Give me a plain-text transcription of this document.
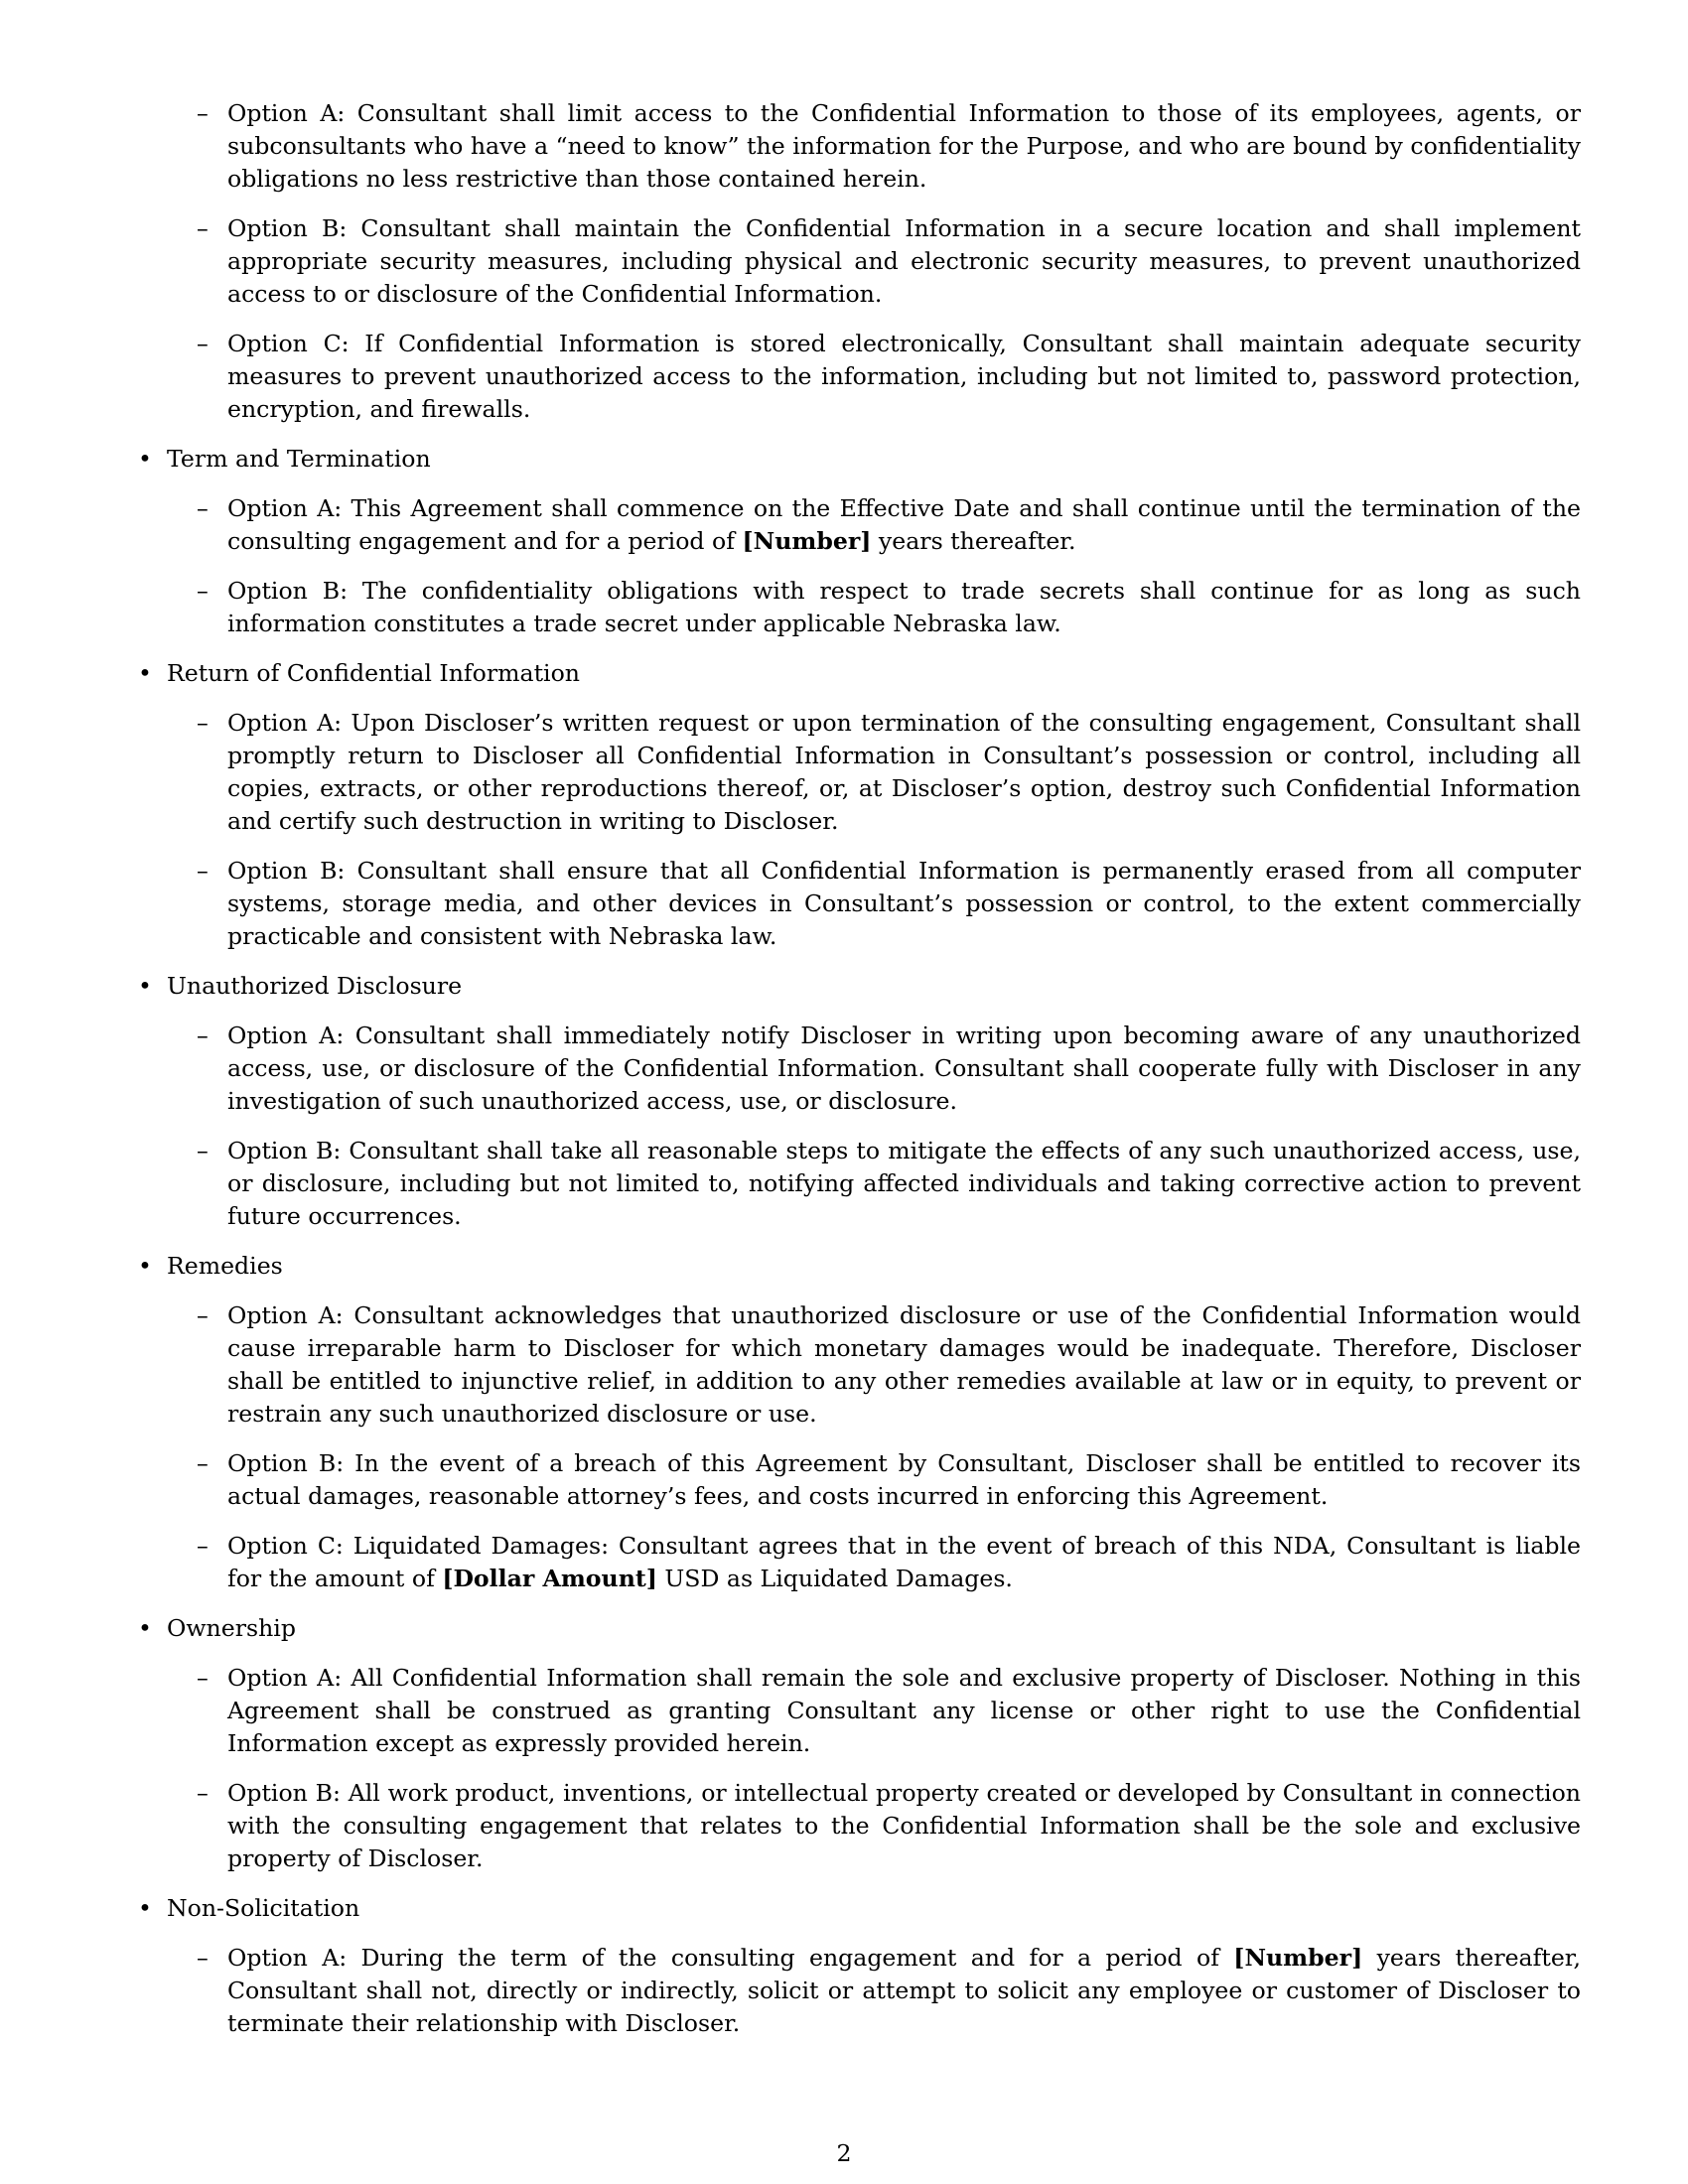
– Option A: Consultant shall limit access to the Confidential Information to those of its employees, agents, or subconsultants who have a “need to know” the information for the Purpose, and who are bound by confidentiality obligations no less restrictive than those contained herein.
– Option B: Consultant shall maintain the Confidential Information in a secure location and shall implement appropriate security measures, including physical and electronic security measures, to prevent unauthorized access to or disclosure of the Confidential Information.
– Option C: If Confidential Information is stored electronically, Consultant shall maintain adequate security measures to prevent unauthorized access to the information, including but not limited to, password protection, encryption, and firewalls.
• Term and Termination
– Option A: This Agreement shall commence on the Effective Date and shall continue until the termination of the consulting engagement and for a period of [Number] years thereafter.
– Option B: The confidentiality obligations with respect to trade secrets shall continue for as long as such information constitutes a trade secret under applicable Nebraska law.
• Return of Confidential Information
– Option A: Upon Discloser’s written request or upon termination of the consulting engagement, Consultant shall promptly return to Discloser all Confidential Information in Consultant’s possession or control, including all copies, extracts, or other reproductions thereof, or, at Discloser’s option, destroy such Confidential Information and certify such destruction in writing to Discloser.
– Option B: Consultant shall ensure that all Confidential Information is permanently erased from all computer systems, storage media, and other devices in Consultant’s possession or control, to the extent commercially practicable and consistent with Nebraska law.
• Unauthorized Disclosure
– Option A: Consultant shall immediately notify Discloser in writing upon becoming aware of any unauthorized access, use, or disclosure of the Confidential Information. Consultant shall cooperate fully with Discloser in any investigation of such unauthorized access, use, or disclosure.
– Option B: Consultant shall take all reasonable steps to mitigate the effects of any such unauthorized access, use, or disclosure, including but not limited to, notifying affected individuals and taking corrective action to prevent future occurrences.
• Remedies
– Option A: Consultant acknowledges that unauthorized disclosure or use of the Confidential Information would cause irreparable harm to Discloser for which monetary damages would be inadequate. Therefore, Discloser shall be entitled to injunctive relief, in addition to any other remedies available at law or in equity, to prevent or restrain any such unauthorized disclosure or use.
– Option B: In the event of a breach of this Agreement by Consultant, Discloser shall be entitled to recover its actual damages, reasonable attorney’s fees, and costs incurred in enforcing this Agreement.
– Option C: Liquidated Damages: Consultant agrees that in the event of breach of this NDA, Consultant is liable for the amount of [Dollar Amount] USD as Liquidated Damages.
• Ownership
– Option A: All Confidential Information shall remain the sole and exclusive property of Discloser. Nothing in this Agreement shall be construed as granting Consultant any license or other right to use the Confidential Information except as expressly provided herein.
– Option B: All work product, inventions, or intellectual property created or developed by Consultant in connection with the consulting engagement that relates to the Confidential Information shall be the sole and exclusive property of Discloser.
• Non-Solicitation
– Option A: During the term of the consulting engagement and for a period of [Number] years thereafter, Consultant shall not, directly or indirectly, solicit or attempt to solicit any employee or customer of Discloser to terminate their relationship with Discloser.
2
